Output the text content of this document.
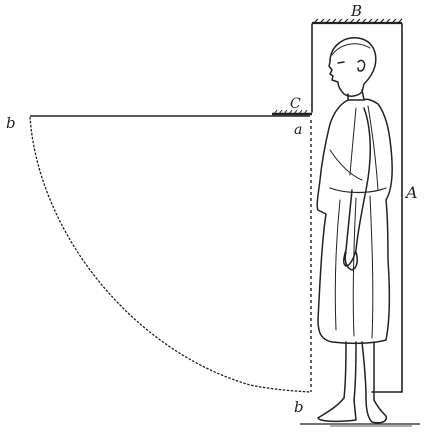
B
A
C
a
b
b
